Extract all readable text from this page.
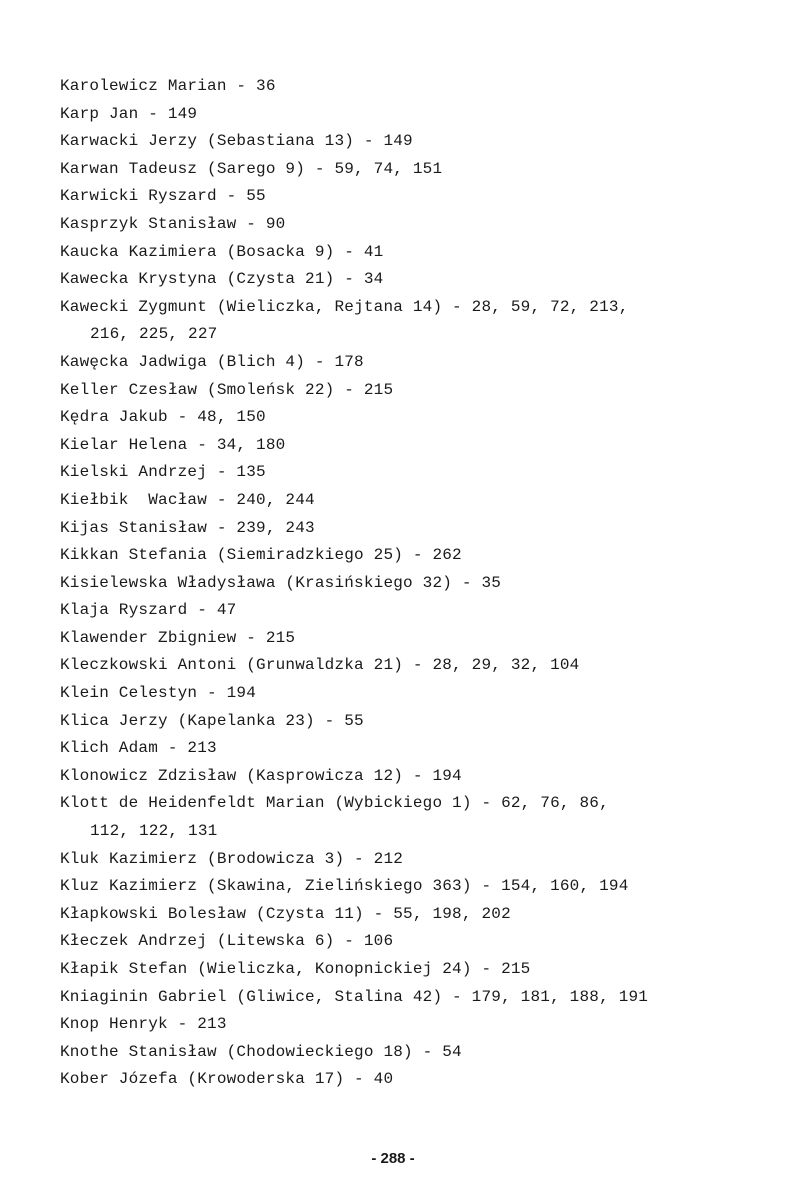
Karolewicz Marian - 36
Karp Jan - 149
Karwacki Jerzy (Sebastiana 13) - 149
Karwan Tadeusz (Sarego 9) - 59, 74, 151
Karwicki Ryszard - 55
Kasprzyk Stanisław - 90
Kaucka Kazimiera (Bosacka 9) - 41
Kawecka Krystyna (Czysta 21) - 34
Kawecki Zygmunt (Wieliczka, Rejtana 14) - 28, 59, 72, 213,
216, 225, 227
Kawęcka Jadwiga (Blich 4) - 178
Keller Czesław (Smoleńsk 22) - 215
Kędra Jakub - 48, 150
Kielar Helena - 34, 180
Kielski Andrzej - 135
Kiełbik  Wacław - 240, 244
Kijas Stanisław - 239, 243
Kikkan Stefania (Siemiradzkiego 25) - 262
Kisielewska Władysława (Krasińskiego 32) - 35
Klaja Ryszard - 47
Klawender Zbigniew - 215
Kleczkowski Antoni (Grunwaldzka 21) - 28, 29, 32, 104
Klein Celestyn - 194
Klica Jerzy (Kapelanka 23) - 55
Klich Adam - 213
Klonowicz Zdzisław (Kasprowicza 12) - 194
Klott de Heidenfeldt Marian (Wybickiego 1) - 62, 76, 86,
112, 122, 131
Kluk Kazimierz (Brodowicza 3) - 212
Kluz Kazimierz (Skawina, Zielińskiego 363) - 154, 160, 194
Kłapkowski Bolesław (Czysta 11) - 55, 198, 202
Kłeczek Andrzej (Litewska 6) - 106
Kłapik Stefan (Wieliczka, Konopnickiej 24) - 215
Kniaginin Gabriel (Gliwice, Stalina 42) - 179, 181, 188, 191
Knop Henryk - 213
Knothe Stanisław (Chodowieckiego 18) - 54
Kober Józefa (Krowoderska 17) - 40
- 288 -
